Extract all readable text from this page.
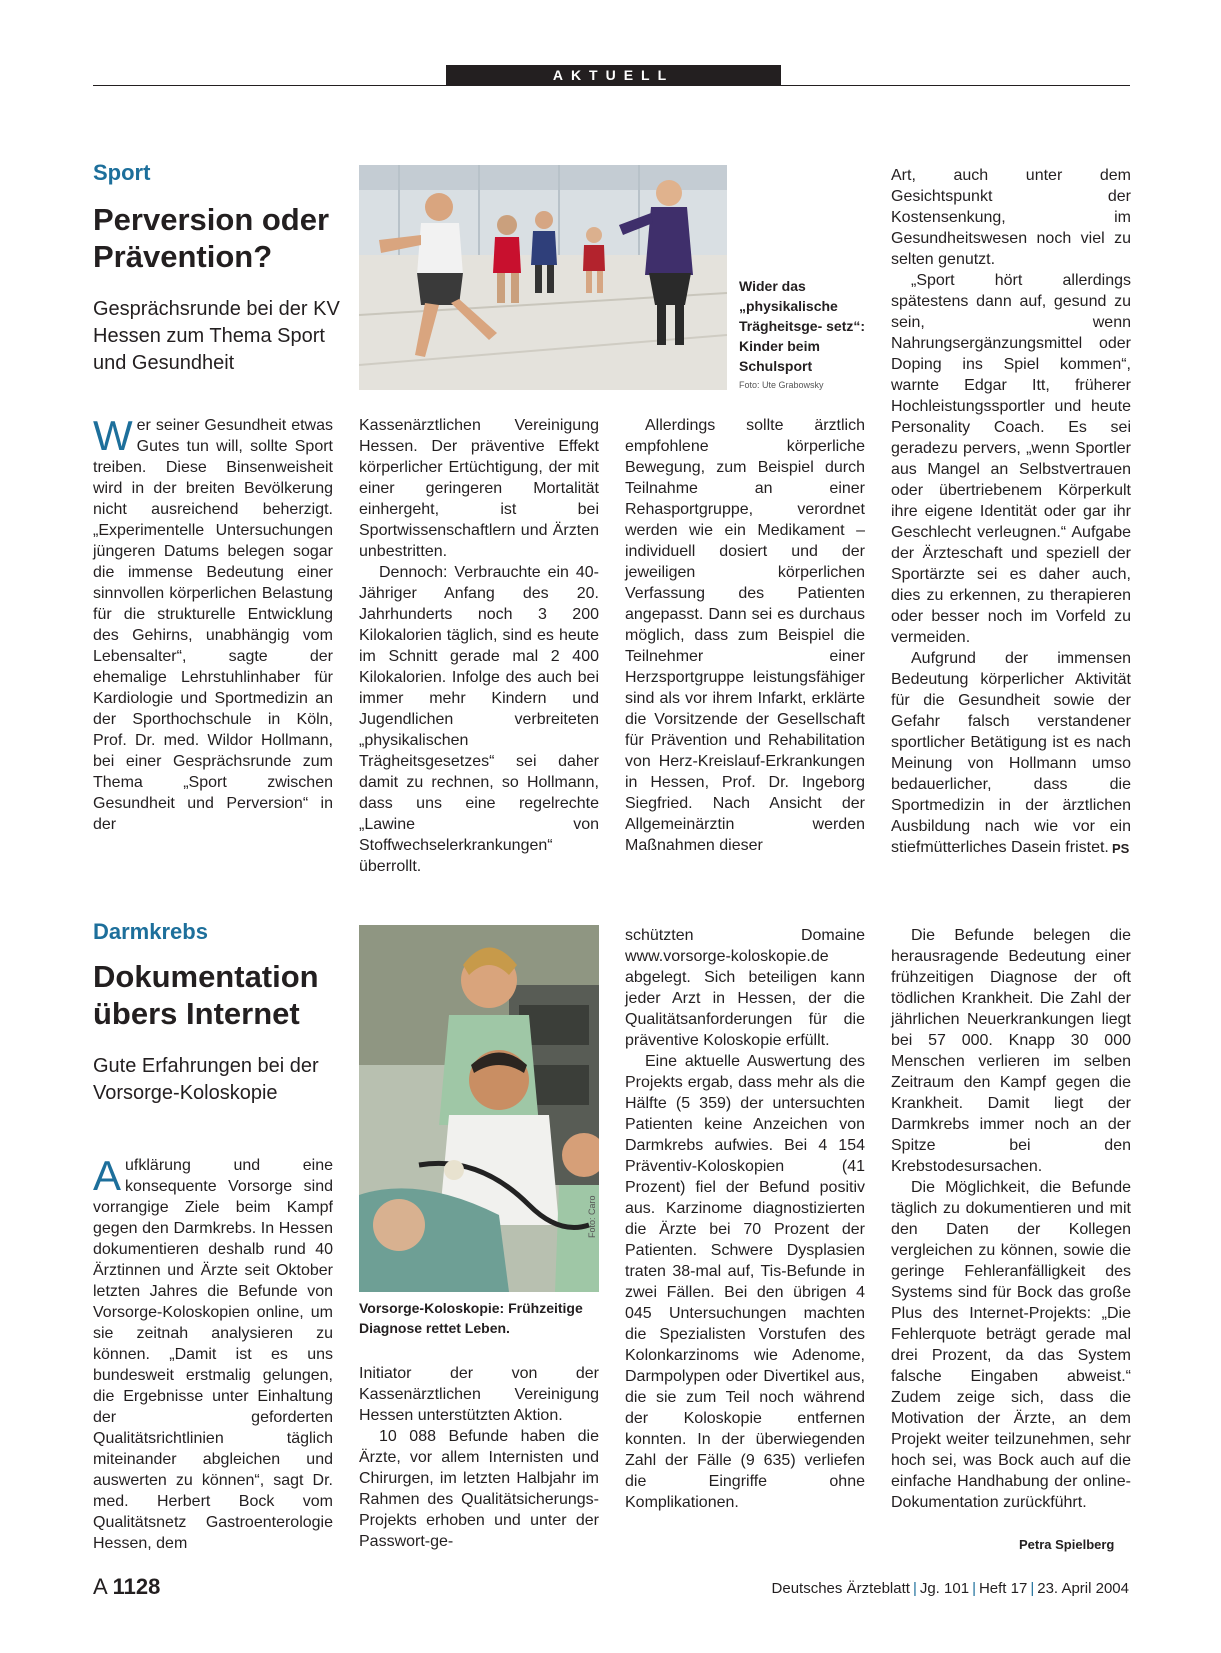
AKTUELL
Sport
Perversion oder Prävention?
Gesprächsrunde bei der KV Hessen zum Thema Sport und Gesundheit
Wider das „physikalische Trägheitsge- setz“: Kinder beim Schulsport
Foto: Ute Grabowsky

Wer seiner Gesundheit etwas Gutes tun will, sollte Sport treiben. Diese Binsenweisheit wird in der breiten Bevölkerung nicht ausreichend beherzigt. „Experimentelle Untersuchungen jüngeren Datums belegen sogar die immense Bedeutung einer sinnvollen körperlichen Belastung für die strukturelle Entwicklung des Gehirns, unabhängig vom Lebensalter“, sagte der ehemalige Lehrstuhlinhaber für Kardiologie und Sportmedizin an der Sporthochschule in Köln, Prof. Dr. med. Wildor Hollmann, bei einer Gesprächsrunde zum Thema „Sport zwischen Gesundheit und Perversion“ in der

Kassenärztlichen Vereinigung Hessen. Der präventive Effekt körperlicher Ertüchtigung, der mit einer geringeren Mortalität einhergeht, ist bei Sportwissenschaftlern und Ärzten unbestritten.

Dennoch: Verbrauchte ein 40-Jähriger Anfang des 20. Jahrhunderts noch 3 200 Kilokalorien täglich, sind es heute im Schnitt gerade mal 2 400 Kilokalorien. Infolge des auch bei immer mehr Kindern und Jugendlichen verbreiteten „physikalischen Trägheitsgesetzes“ sei daher damit zu rechnen, so Hollmann, dass uns eine regelrechte „Lawine von Stoffwechselerkrankungen“ überrollt.

Allerdings sollte ärztlich empfohlene körperliche Bewegung, zum Beispiel durch Teilnahme an einer Rehasportgruppe, verordnet werden wie ein Medikament – individuell dosiert und der jeweiligen körperlichen Verfassung des Patienten angepasst. Dann sei es durchaus möglich, dass zum Beispiel die Teilnehmer einer Herzsportgruppe leistungsfähiger sind als vor ihrem Infarkt, erklärte die Vorsitzende der Gesellschaft für Prävention und Rehabilitation von Herz-Kreislauf-Erkrankungen in Hessen, Prof. Dr. Ingeborg Siegfried. Nach Ansicht der Allgemeinärztin werden Maßnahmen dieser

Art, auch unter dem Gesichtspunkt der Kostensenkung, im Gesundheitswesen noch viel zu selten genutzt.

„Sport hört allerdings spätestens dann auf, gesund zu sein, wenn Nahrungsergänzungsmittel oder Doping ins Spiel kommen“, warnte Edgar Itt, früherer Hochleistungssportler und heute Personality Coach. Es sei geradezu pervers, „wenn Sportler aus Mangel an Selbstvertrauen oder übertriebenem Körperkult ihre eigene Identität oder gar ihr Geschlecht verleugnen.“ Aufgabe der Ärzteschaft und speziell der Sportärzte sei es daher auch, dies zu erkennen, zu therapieren oder besser noch im Vorfeld zu vermeiden.

Aufgrund der immensen Bedeutung körperlicher Aktivität für die Gesundheit sowie der Gefahr falsch verstandener sportlicher Betätigung ist es nach Meinung von Hollmann umso bedauerlicher, dass die Sportmedizin in der ärztlichen Ausbildung nach wie vor ein stiefmütterliches Dasein fristet. PS
Darmkrebs
Dokumentation übers Internet
Gute Erfahrungen bei der Vorsorge-Koloskopie
Foto: Caro
Vorsorge-Koloskopie: Frühzeitige Diagnose rettet Leben.

Aufklärung und eine konsequente Vorsorge sind vorrangige Ziele beim Kampf gegen den Darmkrebs. In Hessen dokumentieren deshalb rund 40 Ärztinnen und Ärzte seit Oktober letzten Jahres die Befunde von Vorsorge-Koloskopien online, um sie zeitnah analysieren zu können. „Damit ist es uns bundesweit erstmalig gelungen, die Ergebnisse unter Einhaltung der geforderten Qualitätsrichtlinien täglich miteinander abgleichen und auswerten zu können“, sagt Dr. med. Herbert Bock vom Qualitätsnetz Gastroenterologie Hessen, dem

Initiator der von der Kassenärztlichen Vereinigung Hessen unterstützten Aktion.

10 088 Befunde haben die Ärzte, vor allem Internisten und Chirurgen, im letzten Halbjahr im Rahmen des Qualitätsicherungs-Projekts erhoben und unter der Passwort-ge-

schützten Domaine www.vorsorge-koloskopie.de abgelegt. Sich beteiligen kann jeder Arzt in Hessen, der die Qualitätsanforderungen für die präventive Koloskopie erfüllt.

Eine aktuelle Auswertung des Projekts ergab, dass mehr als die Hälfte (5 359) der untersuchten Patienten keine Anzeichen von Darmkrebs aufwies. Bei 4 154 Präventiv-Koloskopien (41 Prozent) fiel der Befund positiv aus. Karzinome diagnostizierten die Ärzte bei 70 Prozent der Patienten. Schwere Dysplasien traten 38-mal auf, Tis-Befunde in zwei Fällen. Bei den übrigen 4 045 Untersuchungen machten die Spezialisten Vorstufen des Kolonkarzinoms wie Adenome, Darmpolypen oder Divertikel aus, die sie zum Teil noch während der Koloskopie entfernen konnten. In der überwiegenden Zahl der Fälle (9 635) verliefen die Eingriffe ohne Komplikationen.

Die Befunde belegen die herausragende Bedeutung einer frühzeitigen Diagnose der oft tödlichen Krankheit. Die Zahl der jährlichen Neuerkrankungen liegt bei 57 000. Knapp 30 000 Menschen verlieren im selben Zeitraum den Kampf gegen die Krankheit. Damit liegt der Darmkrebs immer noch an der Spitze bei den Krebstodesursachen.

Die Möglichkeit, die Befunde täglich zu dokumentieren und mit den Daten der Kollegen vergleichen zu können, sowie die geringe Fehleranfälligkeit des Systems sind für Bock das große Plus des Internet-Projekts: „Die Fehlerquote beträgt gerade mal drei Prozent, da das System falsche Eingaben abweist.“ Zudem zeige sich, dass die Motivation der Ärzte, an dem Projekt weiter teilzunehmen, sehr hoch sei, was Bock auch auf die einfache Handhabung der online-Dokumentation zurückführt.

Petra Spielberg
A 1128	Deutsches Ärzteblatt | Jg. 101 | Heft 17 | 23. April 2004
